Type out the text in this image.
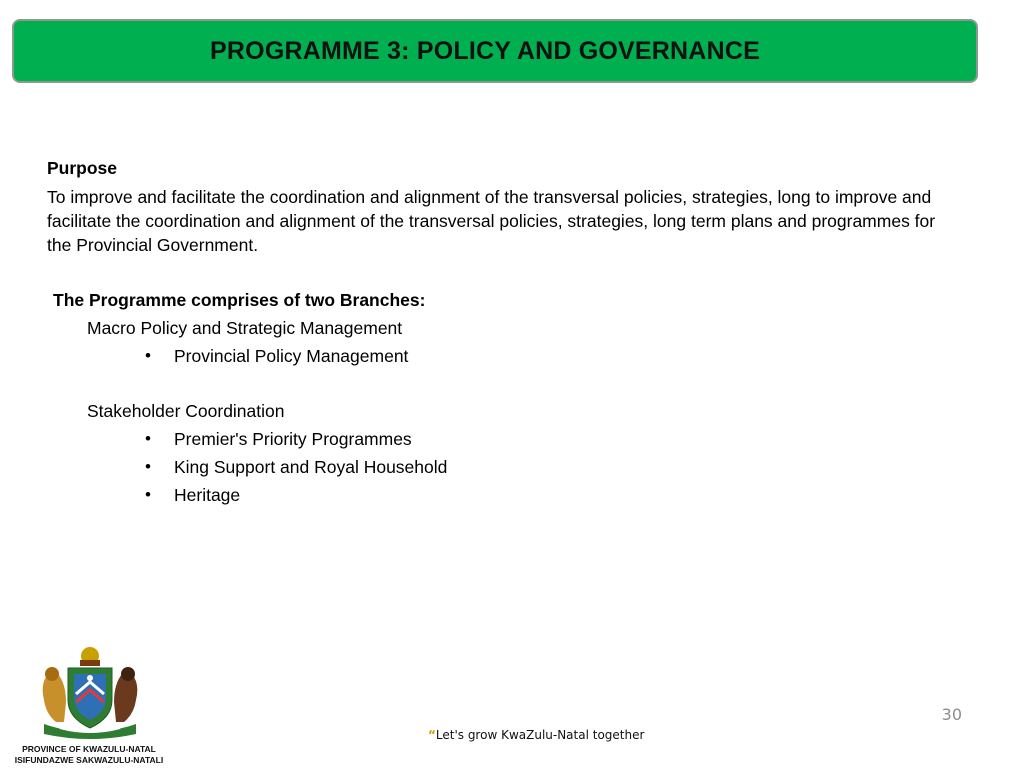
PROGRAMME 3: POLICY AND GOVERNANCE
Purpose
To improve and facilitate the coordination and alignment of the transversal policies, strategies, long to improve and facilitate the coordination and alignment of the transversal policies, strategies, long term plans and programmes for the Provincial Government.
The Programme comprises of two Branches:
Macro Policy and Strategic Management
•	Provincial Policy Management
Stakeholder Coordination
•	Premier's Priority Programmes
•	King Support and Royal Household
•	Heritage
PROVINCE OF KWAZULU-NATAL
ISIFUNDAZWE SAKWAZULU-NATALI
30
“Let's grow KwaZulu-Natal together
